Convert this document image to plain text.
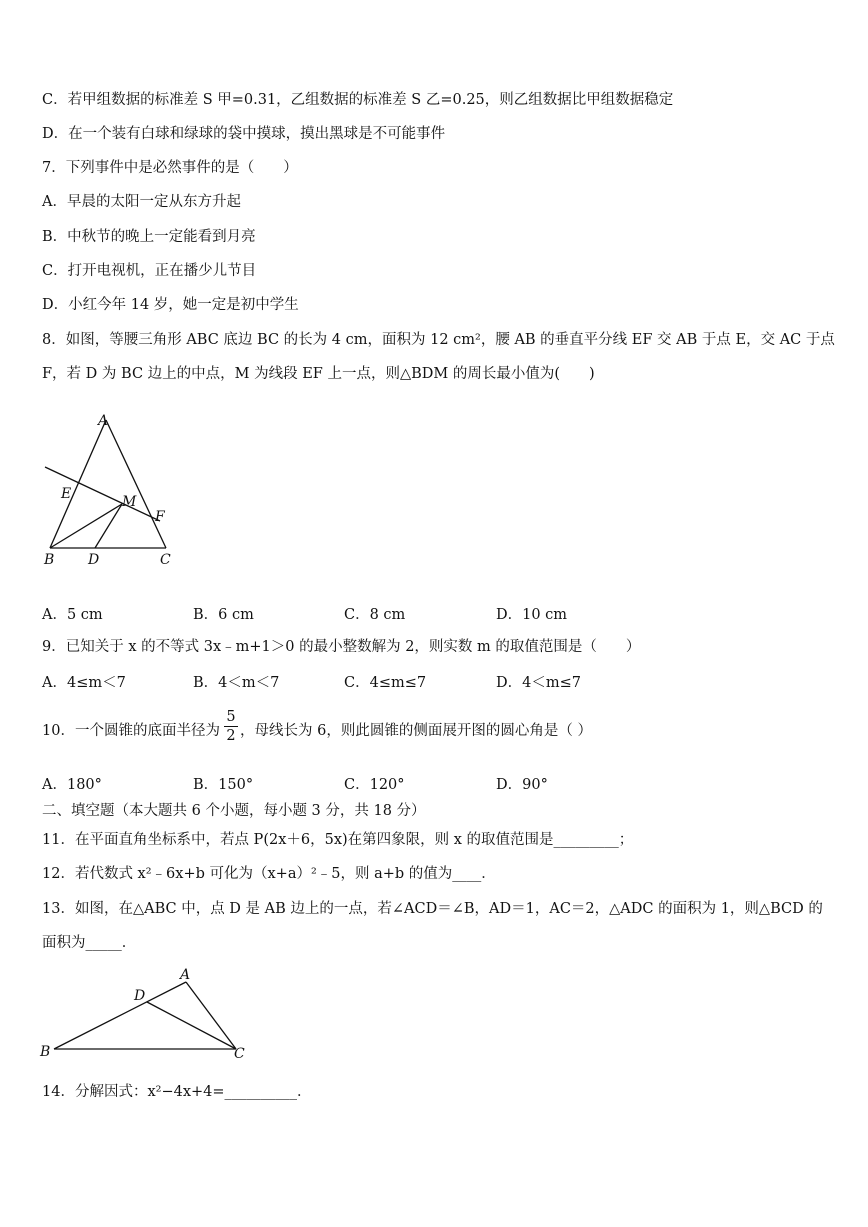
C．若甲组数据的标准差 S 甲=0.31，乙组数据的标准差 S 乙=0.25，则乙组数据比甲组数据稳定
D．在一个装有白球和绿球的袋中摸球，摸出黑球是不可能事件
7．下列事件中是必然事件的是（　　）
A．早晨的太阳一定从东方升起
B．中秋节的晚上一定能看到月亮
C．打开电视机，正在播少儿节目
D．小红今年 14 岁，她一定是初中学生
8．如图，等腰三角形 ABC 底边 BC 的长为 4 cm，面积为 12 cm²，腰 AB 的垂直平分线 EF 交 AB 于点 E，交 AC 于点
F，若 D 为 BC 边上的中点，M 为线段 EF 上一点，则△BDM 的周长最小值为(　　)
A
E	M
F
B D	C
A．5 cm	B．6 cm	C．8 cm	D．10 cm
9．已知关于 x 的不等式 3x﹣m+1＞0 的最小整数解为 2，则实数 m 的取值范围是（　　）
A．4≤m＜7	B．4＜m＜7	C．4≤m≤7	D．4＜m≤7
10．一个圆锥的底面半径为
5
2 ，母线长为 6，则此圆锥的侧面展开图的圆心角是（ ）
A．180°	B．150°	C．120°	D．90°
二、填空题（本大题共 6 个小题，每小题 3 分，共 18 分）
11．在平面直角坐标系中，若点 P(2x＋6，5x)在第四象限，则 x 的取值范围是_________；
12．若代数式 x²﹣6x+b 可化为（x+a）²﹣5，则 a+b 的值为____．
13．如图，在△ABC 中，点 D 是 AB 边上的一点，若∠ACD＝∠B，AD＝1，AC＝2，△ADC 的面积为 1，则△BCD 的
面积为_____．
A
D
B	C
14．分解因式：x²−4x+4=__________．
